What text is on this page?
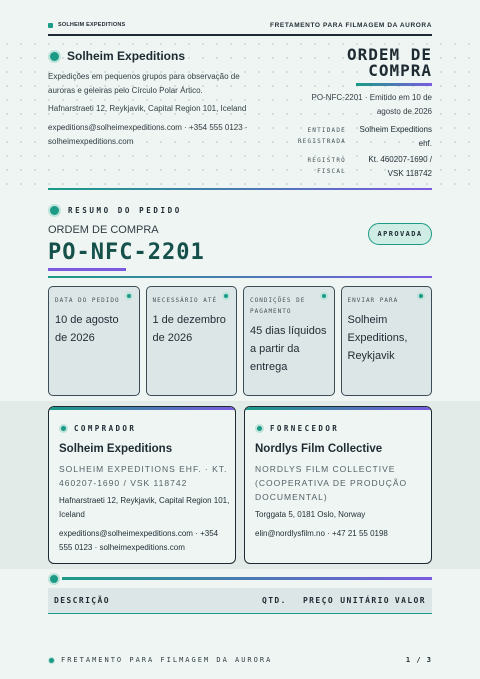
SOLHEIM EXPEDITIONS	FRETAMENTO PARA FILMAGEM DA AURORA
Solheim Expeditions
Expedições em pequenos grupos para observação de auroras e geleiras pelo Círculo Polar Ártico.
Hafnarstraeti 12, Reykjavik, Capital Region 101, Iceland
expeditions@solheimexpeditions.com · +354 555 0123 · solheimexpeditions.com
ORDEM DE
COMPRA
PO-NFC-2201 · Emitido em 10 de agosto de 2026
ENTIDADE REGISTRADA
Solheim Expeditions ehf.
REGISTRO FISCAL
Kt. 460207-1690 / VSK 118742
RESUMO DO PEDIDO
ORDEM DE COMPRA
PO-NFC-2201
APROVADA
DATA DO PEDIDO
10 de agosto de 2026
NECESSÁRIO ATÉ
1 de dezembro de 2026
CONDIÇÕES DE PAGAMENTO
45 dias líquidos a partir da entrega
ENVIAR PARA
Solheim Expeditions, Reykjavik
COMPRADOR
Solheim Expeditions
SOLHEIM EXPEDITIONS EHF. · KT. 460207-1690 / VSK 118742
Hafnarstraeti 12, Reykjavik, Capital Region 101, Iceland
expeditions@solheimexpeditions.com · +354 555 0123 · solheimexpeditions.com
FORNECEDOR
Nordlys Film Collective
NORDLYS FILM COLLECTIVE (COOPERATIVA DE PRODUÇÃO DOCUMENTAL)
Torggata 5, 0181 Oslo, Norway
elin@nordlysfilm.no · +47 21 55 0198
DESCRIÇÃO	QTD.	PREÇO UNITÁRIO VALOR
FRETAMENTO PARA FILMAGEM DA AURORA	1 / 3
